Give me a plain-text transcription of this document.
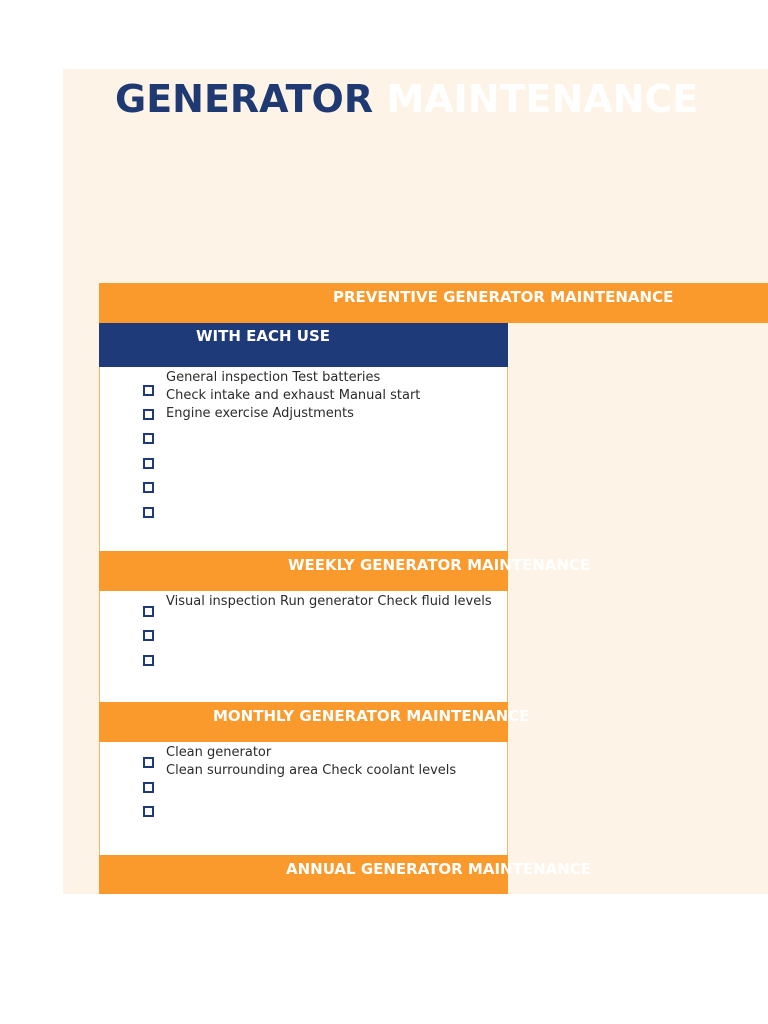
GENERATOR MAINTENANCE
PREVENTIVE GENERATOR MAINTENANCE
WITH EACH USE
General inspection Test batteries
Check intake and exhaust Manual start
Engine exercise Adjustments
WEEKLY GENERATOR MAINTENANCE
Visual inspection Run generator Check fluid levels
MONTHLY GENERATOR MAINTENANCE
Clean generator
Clean surrounding area Check coolant levels
ANNUAL GENERATOR MAINTENANCE
